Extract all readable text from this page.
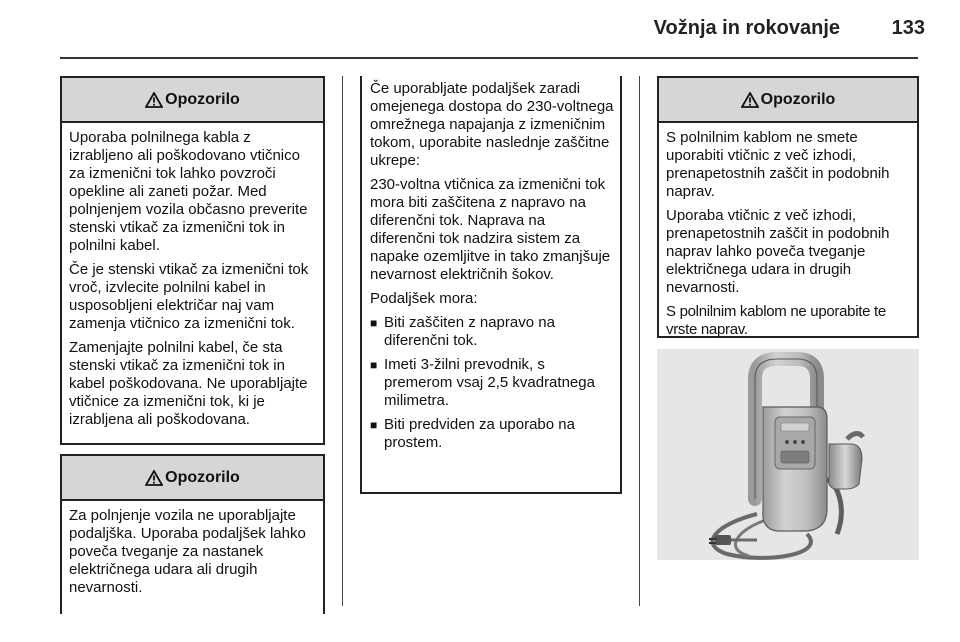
Vožnja in rokovanje	133
Opozorilo

Uporaba polnilnega kabla z izrabljeno ali poškodovano vtičnico za izmenični tok lahko povzroči opekline ali zaneti požar. Med polnjenjem vozila občasno preverite stenski vtikač za izmenični tok in polnilni kabel.

Če je stenski vtikač za izmenični tok vroč, izvlecite polnilni kabel in usposobljeni električar naj vam zamenja vtičnico za izmenični tok.

Zamenjajte polnilni kabel, če sta stenski vtikač za izmenični tok in kabel poškodovana. Ne uporabljajte vtičnice za izmenični tok, ki je izrabljena ali poškodovana.

Opozorilo

Za polnjenje vozila ne uporabljajte podaljška. Uporaba podaljšek lahko poveča tveganje za nastanek električnega udara ali drugih nevarnosti.

Če uporabljate podaljšek zaradi omejenega dostopa do 230-voltnega omrežnega napajanja z izmeničnim tokom, uporabite naslednje zaščitne ukrepe:

230-voltna vtičnica za izmenični tok mora biti zaščitena z napravo na diferenčni tok. Naprava na diferenčni tok nadzira sistem za napake ozemljitve in tako zmanjšuje nevarnost električnih šokov.

Podaljšek mora:

■ Biti zaščiten z napravo na diferenčni tok.
■ Imeti 3-žilni prevodnik, s premerom vsaj 2,5 kvadratnega milimetra.
■ Biti predviden za uporabo na prostem.
Opozorilo

S polnilnim kablom ne smete uporabiti vtičnic z več izhodi, prenapetostnih zaščit in podobnih naprav.

Uporaba vtičnic z več izhodi, prenapetostnih zaščit in podobnih naprav lahko poveča tveganje električnega udara in drugih nevarnosti.

S polnilnim kablom ne uporabite te vrste naprav.
